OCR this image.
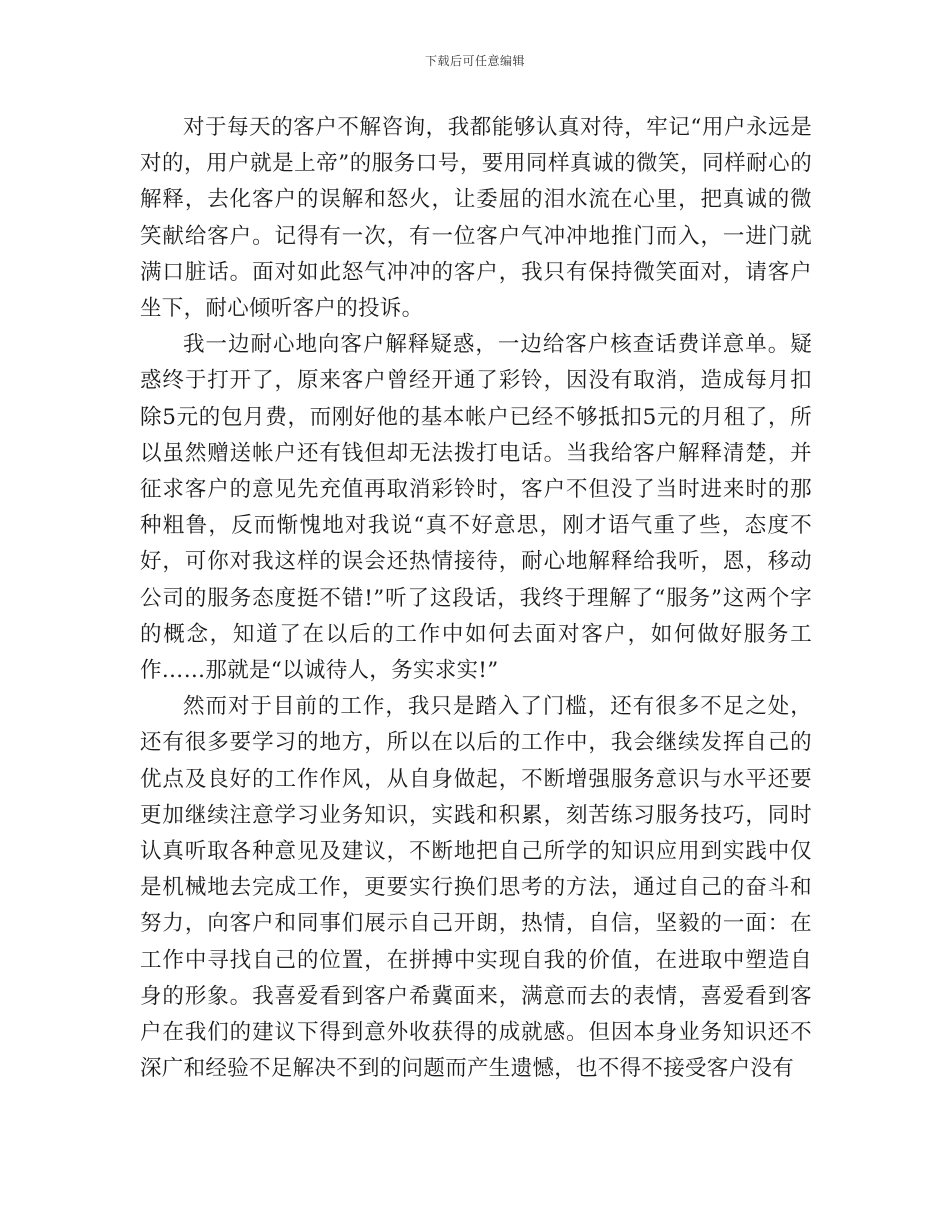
下载后可任意编辑

对于每天的客户不解咨询，我都能够认真对待，牢记“用户永远是对的，用户就是上帝”的服务口号，要用同样真诚的微笑，同样耐心的解释，去化客户的误解和怒火，让委屈的泪水流在心里，把真诚的微笑献给客户。记得有一次，有一位客户气冲冲地推门而入，一进门就满口脏话。面对如此怒气冲冲的客户，我只有保持微笑面对，请客户坐下，耐心倾听客户的投诉。

我一边耐心地向客户解释疑惑，一边给客户核查话费详意单。疑惑终于打开了，原来客户曾经开通了彩铃，因没有取消，造成每月扣除5元的包月费，而刚好他的基本帐户已经不够抵扣5元的月租了，所以虽然赠送帐户还有钱但却无法拨打电话。当我给客户解释清楚，并征求客户的意见先充值再取消彩铃时，客户不但没了当时进来时的那种粗鲁，反而惭愧地对我说“真不好意思，刚才语气重了些，态度不好，可你对我这样的误会还热情接待，耐心地解释给我听，恩，移动公司的服务态度挺不错!”听了这段话，我终于理解了“服务”这两个字的概念，知道了在以后的工作中如何去面对客户，如何做好服务工作……那就是“以诚待人，务实求实!”

然而对于目前的工作，我只是踏入了门槛，还有很多不足之处，还有很多要学习的地方，所以在以后的工作中，我会继续发挥自己的优点及良好的工作作风，从自身做起，不断增强服务意识与水平还要更加继续注意学习业务知识，实践和积累，刻苦练习服务技巧，同时认真听取各种意见及建议，不断地把自己所学的知识应用到实践中仅是机械地去完成工作，更要实行换们思考的方法，通过自己的奋斗和努力，向客户和同事们展示自己开朗，热情，自信，坚毅的一面：在工作中寻找自己的位置，在拼搏中实现自我的价值，在进取中塑造自身的形象。我喜爱看到客户希冀面来，满意而去的表情，喜爱看到客户在我们的建议下得到意外收获得的成就感。但因本身业务知识还不深广和经验不足解决不到的问题而产生遗憾，也不得不接受客户没有
